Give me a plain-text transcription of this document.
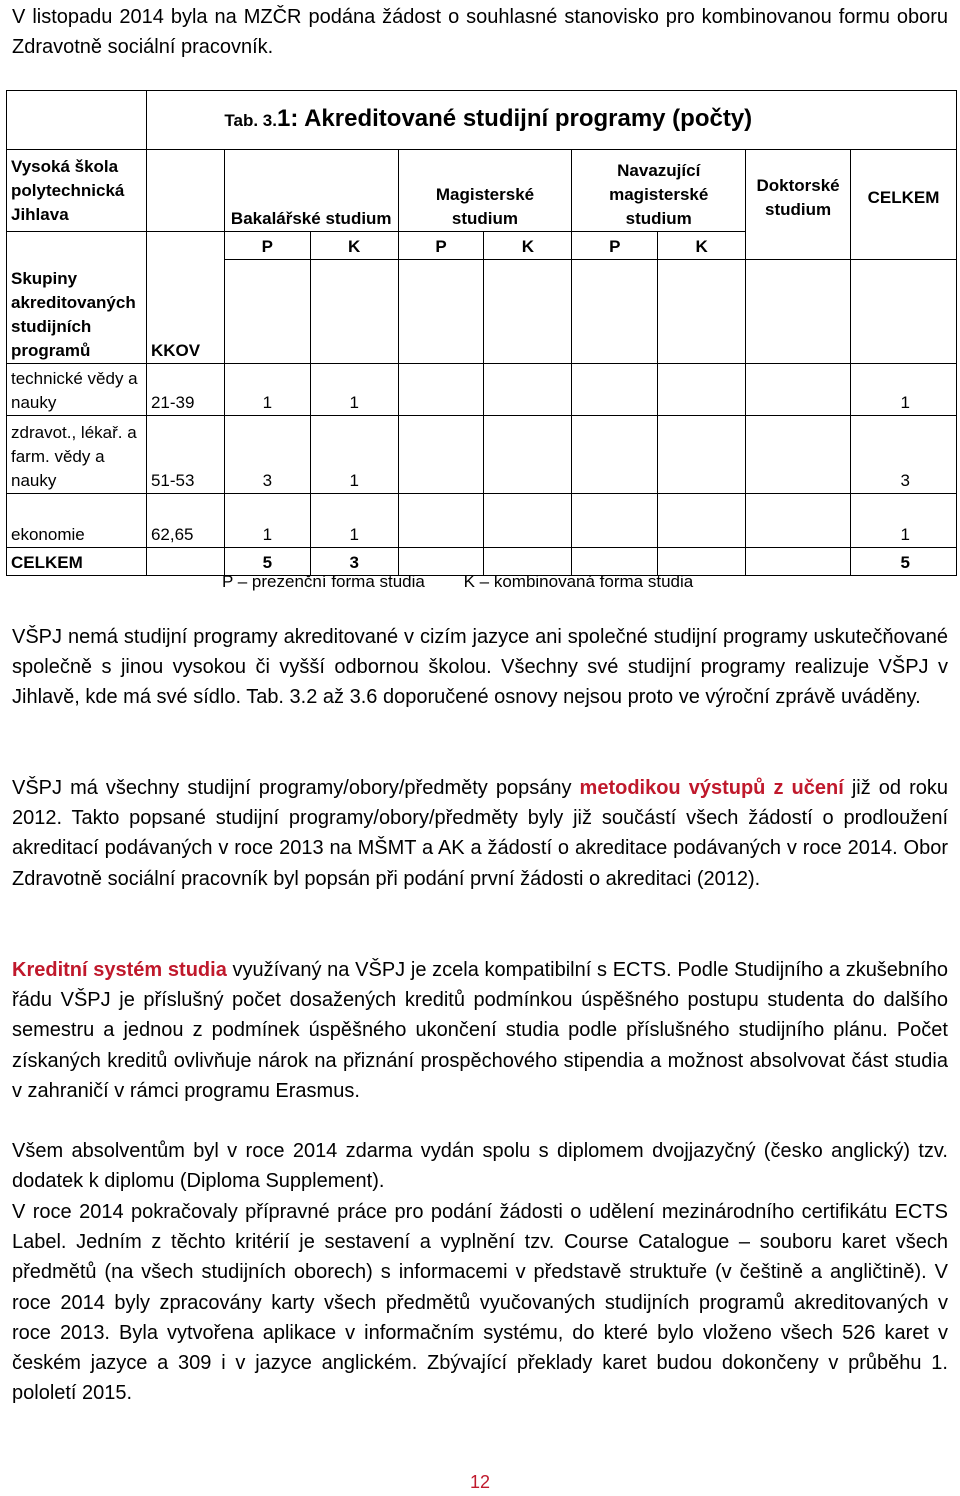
V listopadu 2014 byla na MZČR podána žádost o souhlasné stanovisko pro kombinovanou formu oboru Zdravotně sociální pracovník.

		Tab. 3.1: Akreditované studijní programy (počty)							
Vysoká škola polytechnická Jihlava		Bakalářské studium		Magisterské studium		Navazující magisterské studium		Doktorské studium	CELKEM
		P	K	P	K	P	K		
Skupiny akreditovaných studijních programů	KKOV								
technické vědy a nauky	21-39	1	1						1
zdravot., lékař. a farm. vědy a nauky	51-53	3	1						3
ekonomie	62,65	1	1						1
CELKEM		5	3						5
P – prezenční forma studia K – kombinovaná forma studia

VŠPJ nemá studijní programy akreditované v cizím jazyce ani společné studijní programy uskutečňované společně s jinou vysokou či vyšší odbornou školou. Všechny své studijní programy realizuje VŠPJ v Jihlavě, kde má své sídlo. Tab. 3.2 až 3.6 doporučené osnovy nejsou proto ve výroční zprávě uváděny.

VŠPJ má všechny studijní programy/obory/předměty popsány metodikou výstupů z učení již od roku 2012. Takto popsané studijní programy/obory/předměty byly již součástí všech žádostí o prodloužení akreditací podávaných v roce 2013 na MŠMT a AK a žádostí o akreditace podávaných v roce 2014. Obor Zdravotně sociální pracovník byl popsán při podání první žádosti o akreditaci (2012).

Kreditní systém studia využívaný na VŠPJ je zcela kompatibilní s ECTS. Podle Studijního a zkušebního řádu VŠPJ je příslušný počet dosažených kreditů podmínkou úspěšného postupu studenta do dalšího semestru a jednou z podmínek úspěšného ukončení studia podle příslušného studijního plánu. Počet získaných kreditů ovlivňuje nárok na přiznání prospěchového stipendia a možnost absolvovat část studia v zahraničí v rámci programu Erasmus.

Všem absolventům byl v roce 2014 zdarma vydán spolu s diplomem dvojjazyčný (česko anglický) tzv. dodatek k diplomu (Diploma Supplement).

V roce 2014 pokračovaly přípravné práce pro podání žádosti o udělení mezinárodního certifikátu ECTS Label. Jedním z těchto kritérií je sestavení a vyplnění tzv. Course Catalogue – souboru karet všech předmětů (na všech studijních oborech) s informacemi v představě struktuře (v češtině a angličtině). V roce 2014 byly zpracovány karty všech předmětů vyučovaných studijních programů akreditovaných v roce 2013. Byla vytvořena aplikace v informačním systému, do které bylo vloženo všech 526 karet v českém jazyce a 309 i v jazyce anglickém. Zbývající překlady karet budou dokončeny v průběhu 1. pololetí 2015.

12
